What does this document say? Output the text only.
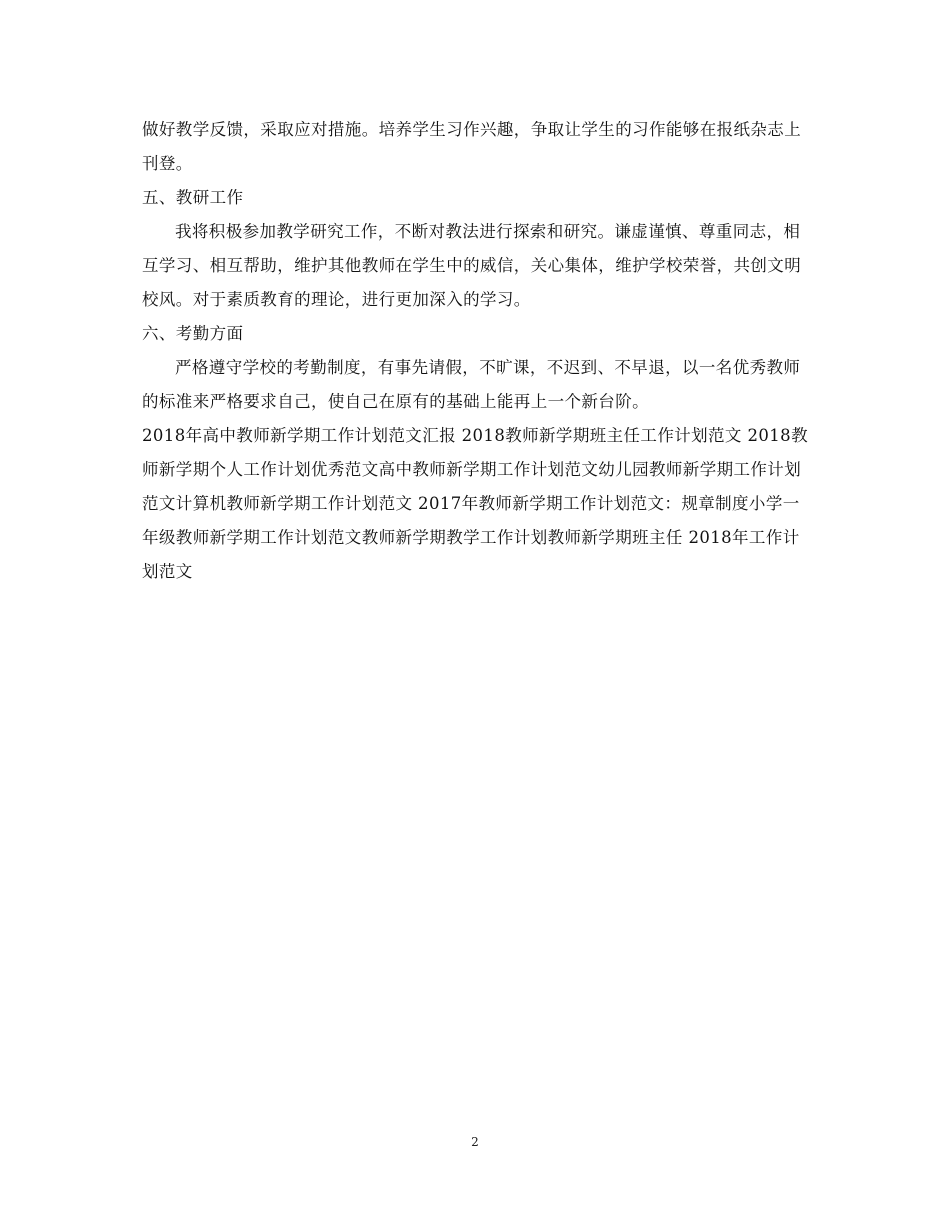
做好教学反馈，采取应对措施。培养学生习作兴趣，争取让学生的习作能够在报纸杂志上刊登。

五、教研工作

我将积极参加教学研究工作，不断对教法进行探索和研究。谦虚谨慎、尊重同志，相互学习、相互帮助，维护其他教师在学生中的威信，关心集体，维护学校荣誉，共创文明校风。对于素质教育的理论，进行更加深入的学习。

六、考勤方面

严格遵守学校的考勤制度，有事先请假，不旷课，不迟到、不早退，以一名优秀教师的标准来严格要求自己，使自己在原有的基础上能再上一个新台阶。

2018年高中教师新学期工作计划范文汇报 2018教师新学期班主任工作计划范文 2018教师新学期个人工作计划优秀范文高中教师新学期工作计划范文幼儿园教师新学期工作计划范文计算机教师新学期工作计划范文 2017年教师新学期工作计划范文：规章制度小学一年级教师新学期工作计划范文教师新学期教学工作计划教师新学期班主任 2018年工作计划范文

2
